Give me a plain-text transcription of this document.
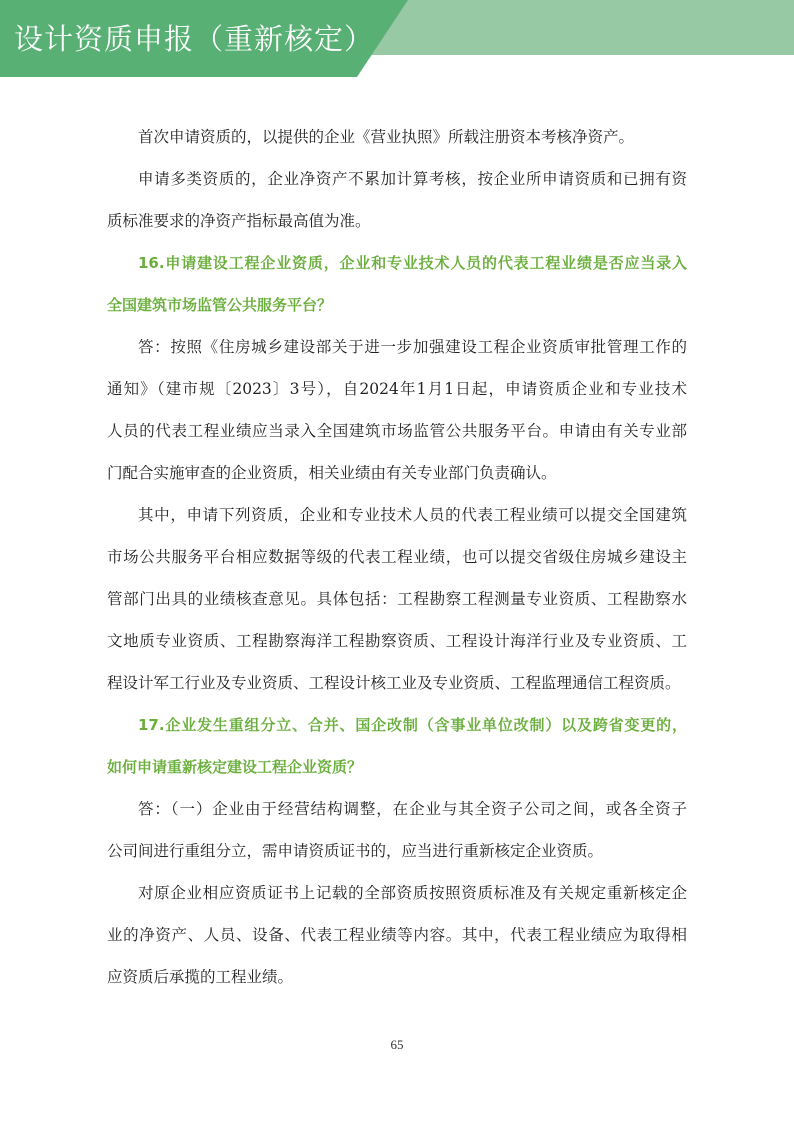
设计资质申报（重新核定）
首次申请资质的，以提供的企业《营业执照》所载注册资本考核净资产。
申请多类资质的，企业净资产不累加计算考核，按企业所申请资质和已拥有资
质标准要求的净资产指标最高值为准。
16.申请建设工程企业资质，企业和专业技术人员的代表工程业绩是否应当录入
全国建筑市场监管公共服务平台？
答：按照《住房城乡建设部关于进一步加强建设工程企业资质审批管理工作的
通知》（建市规〔2023〕3号），自2024年1月1日起，申请资质企业和专业技术
人员的代表工程业绩应当录入全国建筑市场监管公共服务平台。申请由有关专业部
门配合实施审查的企业资质，相关业绩由有关专业部门负责确认。
其中，申请下列资质，企业和专业技术人员的代表工程业绩可以提交全国建筑
市场公共服务平台相应数据等级的代表工程业绩，也可以提交省级住房城乡建设主
管部门出具的业绩核查意见。具体包括：工程勘察工程测量专业资质、工程勘察水
文地质专业资质、工程勘察海洋工程勘察资质、工程设计海洋行业及专业资质、工
程设计军工行业及专业资质、工程设计核工业及专业资质、工程监理通信工程资质。
17.企业发生重组分立、合并、国企改制（含事业单位改制）以及跨省变更的，
如何申请重新核定建设工程企业资质？
答：（一）企业由于经营结构调整，在企业与其全资子公司之间，或各全资子
公司间进行重组分立，需申请资质证书的，应当进行重新核定企业资质。
对原企业相应资质证书上记载的全部资质按照资质标准及有关规定重新核定企
业的净资产、人员、设备、代表工程业绩等内容。其中，代表工程业绩应为取得相
应资质后承揽的工程业绩。
65
